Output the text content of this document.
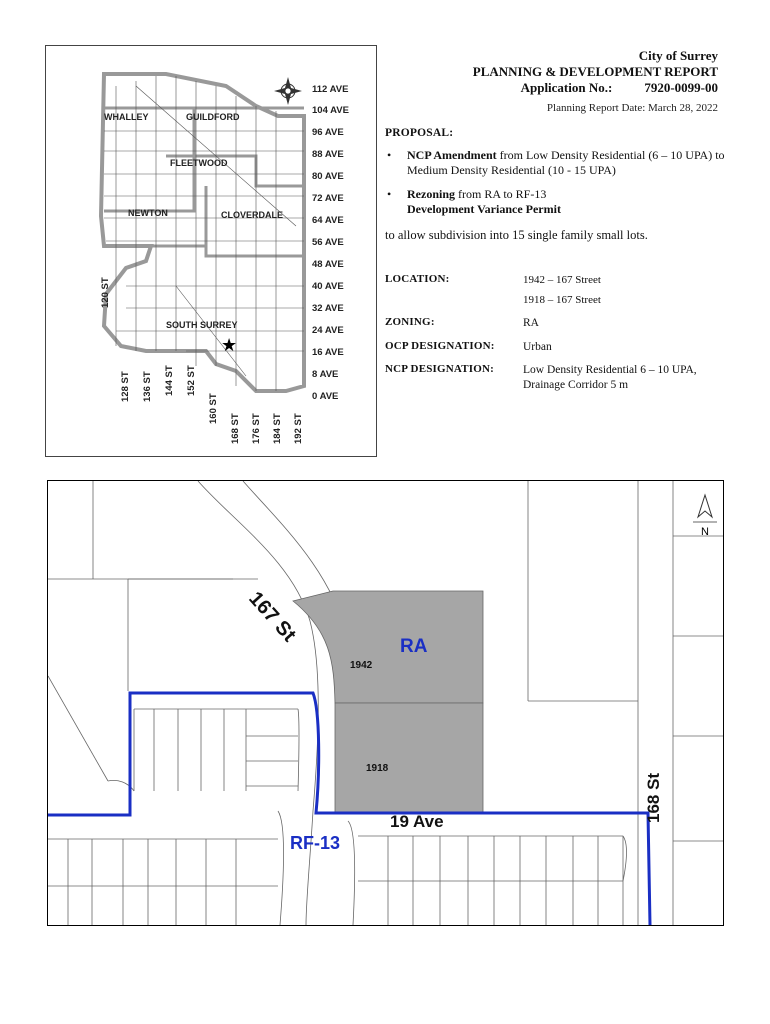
WHALLEY	GUILDFORD
FLEETWOOD
NEWTON	CLOVERDALE
SOUTH SURREY
★
112 AVE
104 AVE
96 AVE
88 AVE
80 AVE
72 AVE
64 AVE
56 AVE
48 AVE
40 AVE
32 AVE
24 AVE
16 AVE
8 AVE
0 AVE
120 ST
128 ST 136 ST 144 ST 152 ST
160 ST
168 ST 176 ST 184 ST 192 ST
City of Surrey
PLANNING & DEVELOPMENT REPORT
Application No.: 7920-0099-00
Planning Report Date: March 28, 2022
PROPOSAL:
• NCP Amendment from Low Density Residential (6 – 10 UPA) to Medium Density Residential (10 - 15 UPA)
• Rezoning from RA to RF-13
Development Variance Permit
to allow subdivision into 15 single family small lots.
LOCATION:	1942 – 167 Street
1918 – 167 Street
ZONING:	RA
OCP DESIGNATION: Urban
NCP DESIGNATION:	Low Density Residential 6 – 10 UPA, Drainage Corridor 5 m
N
167 St
168 St
19 Ave
RA
RF-13
1942
1918
